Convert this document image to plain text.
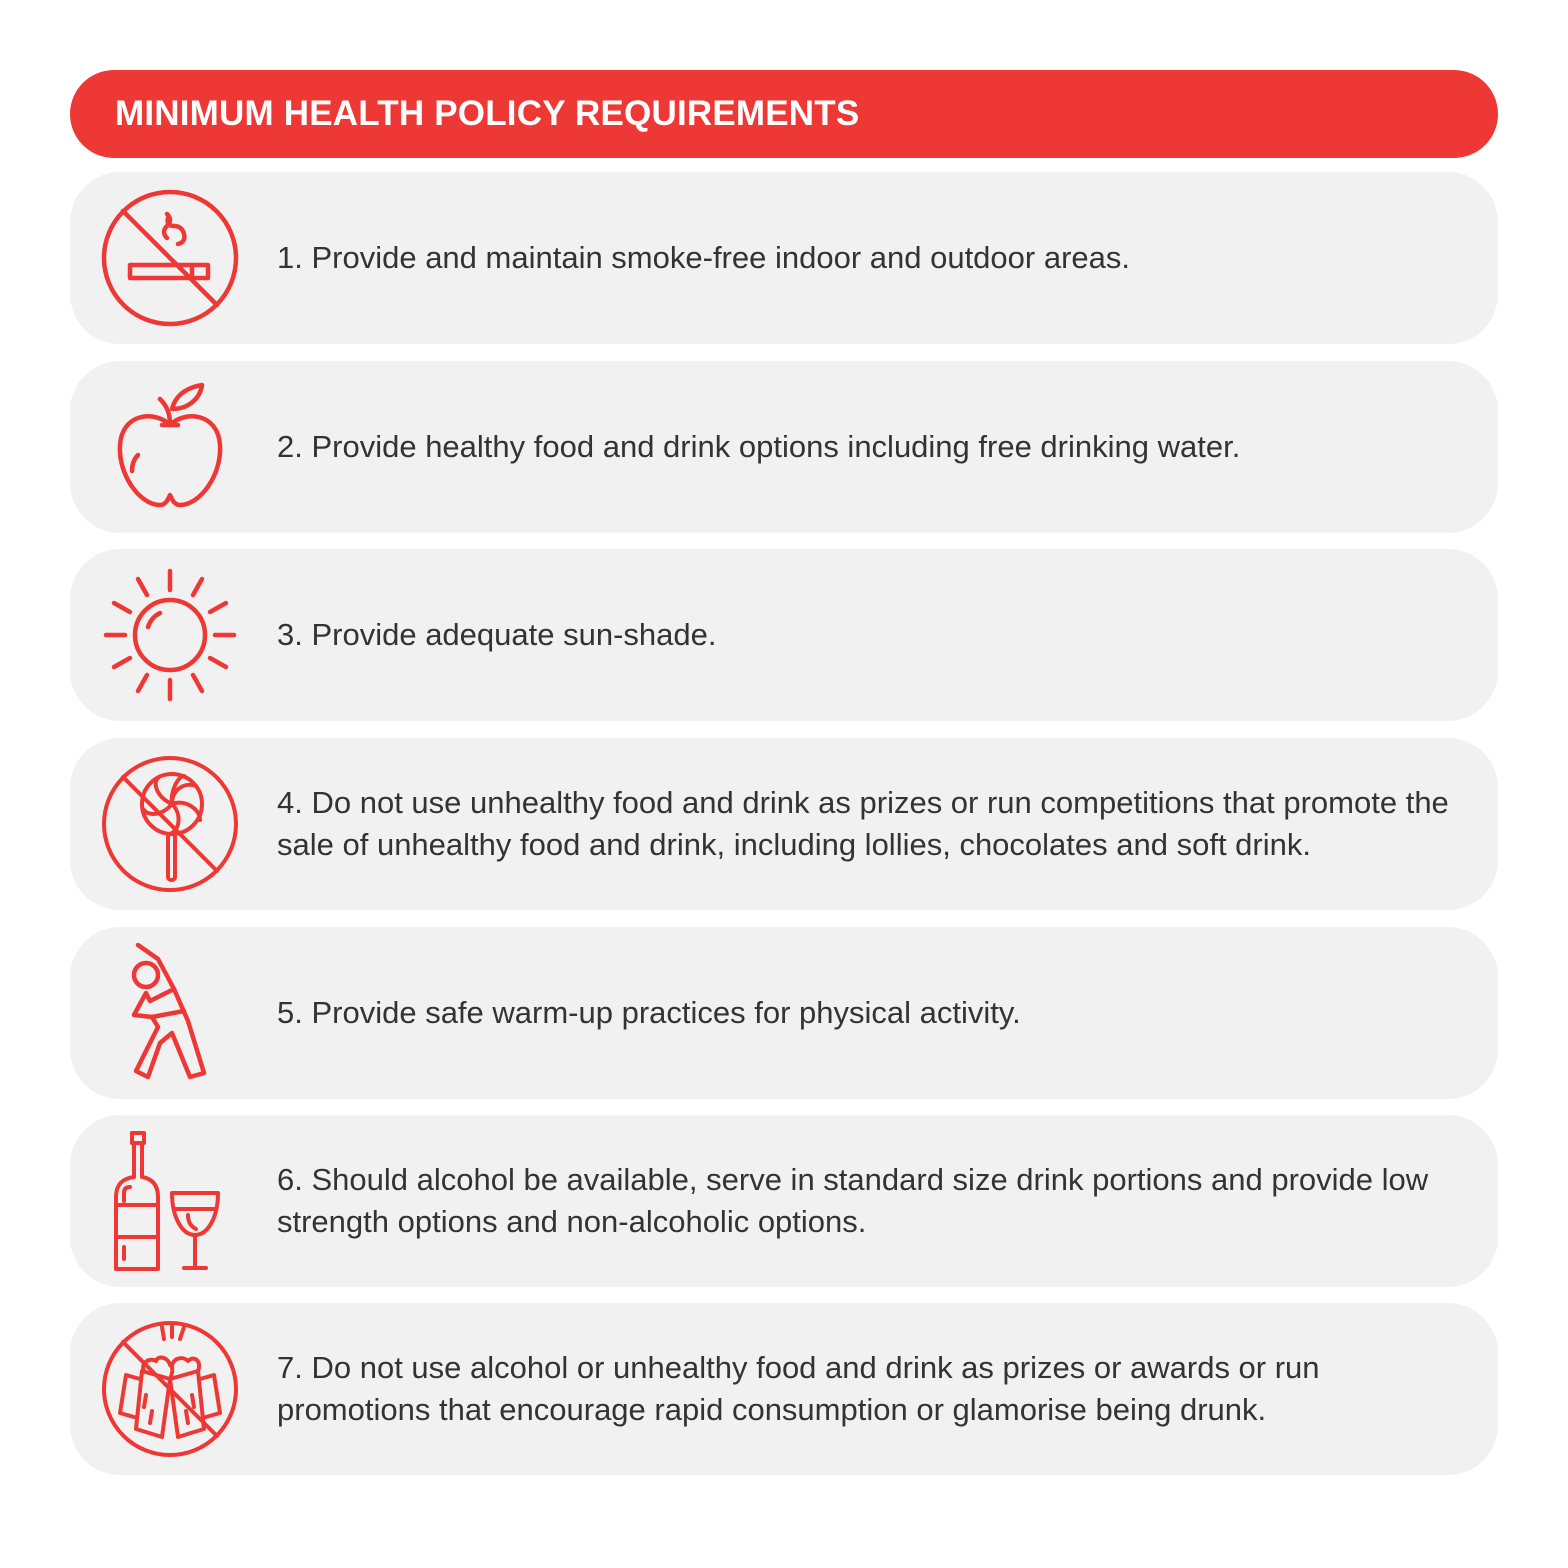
MINIMUM HEALTH POLICY REQUIREMENTS
1. Provide and maintain smoke-free indoor and outdoor areas.
2. Provide healthy food and drink options including free drinking water.
3. Provide adequate sun-shade.
4. Do not use unhealthy food and drink as prizes or run competitions that promote the sale of unhealthy food and drink, including lollies, chocolates and soft drink.
5. Provide safe warm-up practices for physical activity.
6. Should alcohol be available, serve in standard size drink portions and provide low strength options and non-alcoholic options.
7. Do not use alcohol or unhealthy food and drink as prizes or awards or run promotions that encourage rapid consumption or glamorise being drunk.
